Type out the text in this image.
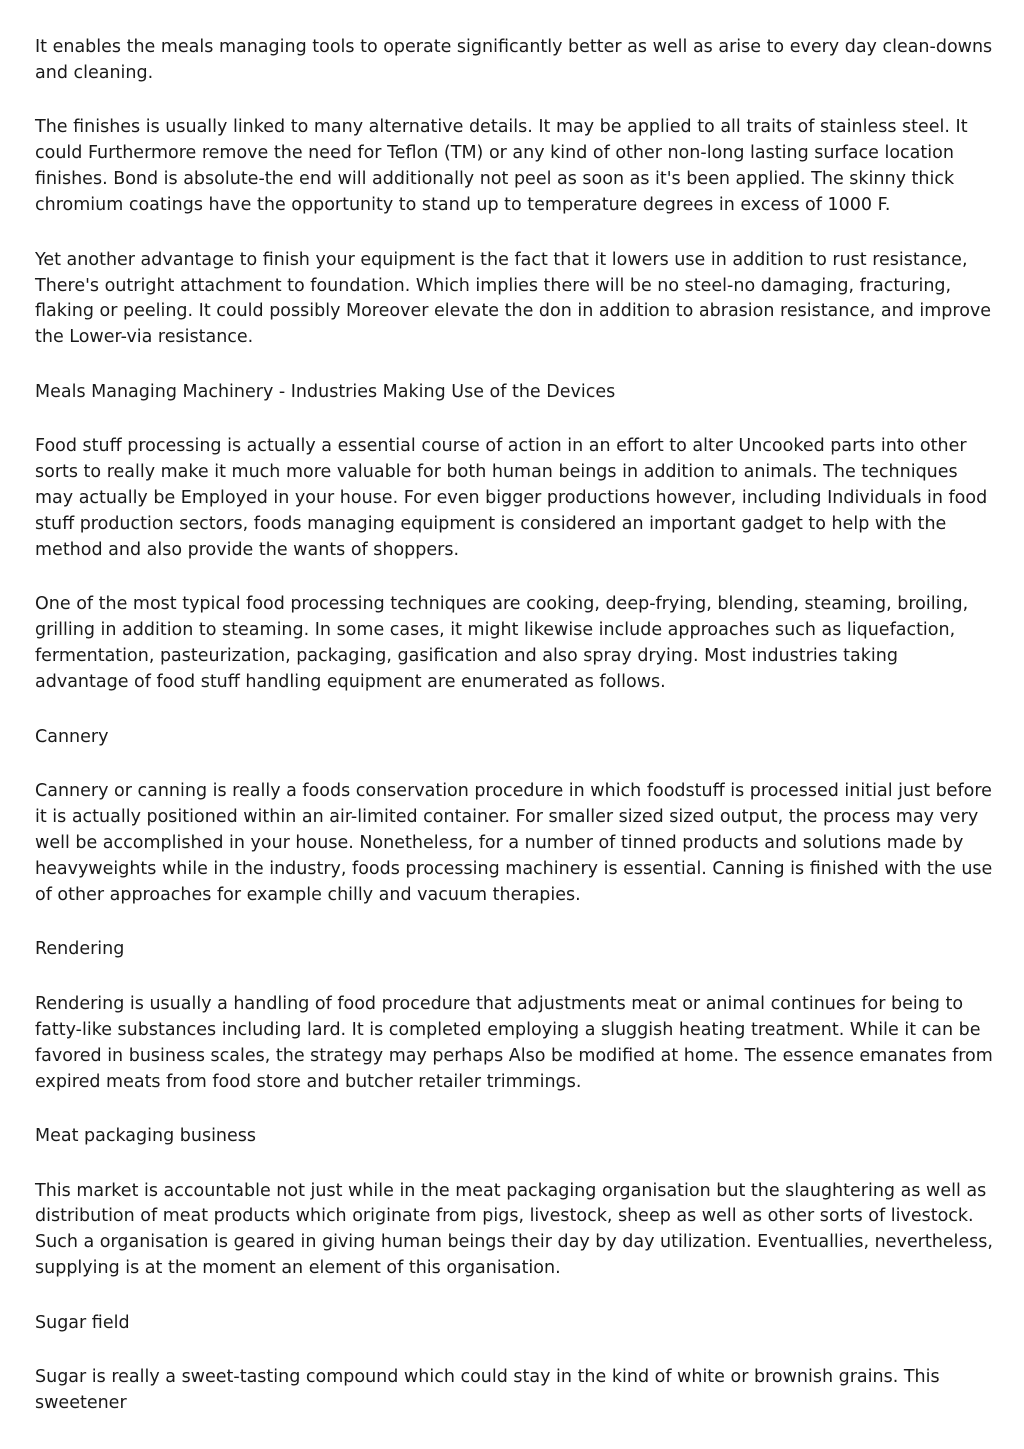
It enables the meals managing tools to operate significantly better as well as arise to every day clean-downs and cleaning.

The finishes is usually linked to many alternative details. It may be applied to all traits of stainless steel. It could Furthermore remove the need for Teflon (TM) or any kind of other non-long lasting surface location finishes. Bond is absolute-the end will additionally not peel as soon as it's been applied. The skinny thick chromium coatings have the opportunity to stand up to temperature degrees in excess of 1000 F.

Yet another advantage to finish your equipment is the fact that it lowers use in addition to rust resistance, There's outright attachment to foundation. Which implies there will be no steel-no damaging, fracturing, flaking or peeling. It could possibly Moreover elevate the don in addition to abrasion resistance, and improve the Lower-via resistance.

Meals Managing Machinery - Industries Making Use of the Devices

Food stuff processing is actually a essential course of action in an effort to alter Uncooked parts into other sorts to really make it much more valuable for both human beings in addition to animals. The techniques may actually be Employed in your house. For even bigger productions however, including Individuals in food stuff production sectors, foods managing equipment is considered an important gadget to help with the method and also provide the wants of shoppers.

One of the most typical food processing techniques are cooking, deep-frying, blending, steaming, broiling, grilling in addition to steaming. In some cases, it might likewise include approaches such as liquefaction, fermentation, pasteurization, packaging, gasification and also spray drying. Most industries taking advantage of food stuff handling equipment are enumerated as follows.

Cannery

Cannery or canning is really a foods conservation procedure in which foodstuff is processed initial just before it is actually positioned within an air-limited container. For smaller sized sized output, the process may very well be accomplished in your house. Nonetheless, for a number of tinned products and solutions made by heavyweights while in the industry, foods processing machinery is essential. Canning is finished with the use of other approaches for example chilly and vacuum therapies.

Rendering

Rendering is usually a handling of food procedure that adjustments meat or animal continues for being to fatty-like substances including lard. It is completed employing a sluggish heating treatment. While it can be favored in business scales, the strategy may perhaps Also be modified at home. The essence emanates from expired meats from food store and butcher retailer trimmings.

Meat packaging business

This market is accountable not just while in the meat packaging organisation but the slaughtering as well as distribution of meat products which originate from pigs, livestock, sheep as well as other sorts of livestock. Such a organisation is geared in giving human beings their day by day utilization. Eventuallies, nevertheless, supplying is at the moment an element of this organisation.

Sugar field

Sugar is really a sweet-tasting compound which could stay in the kind of white or brownish grains. This sweetener
